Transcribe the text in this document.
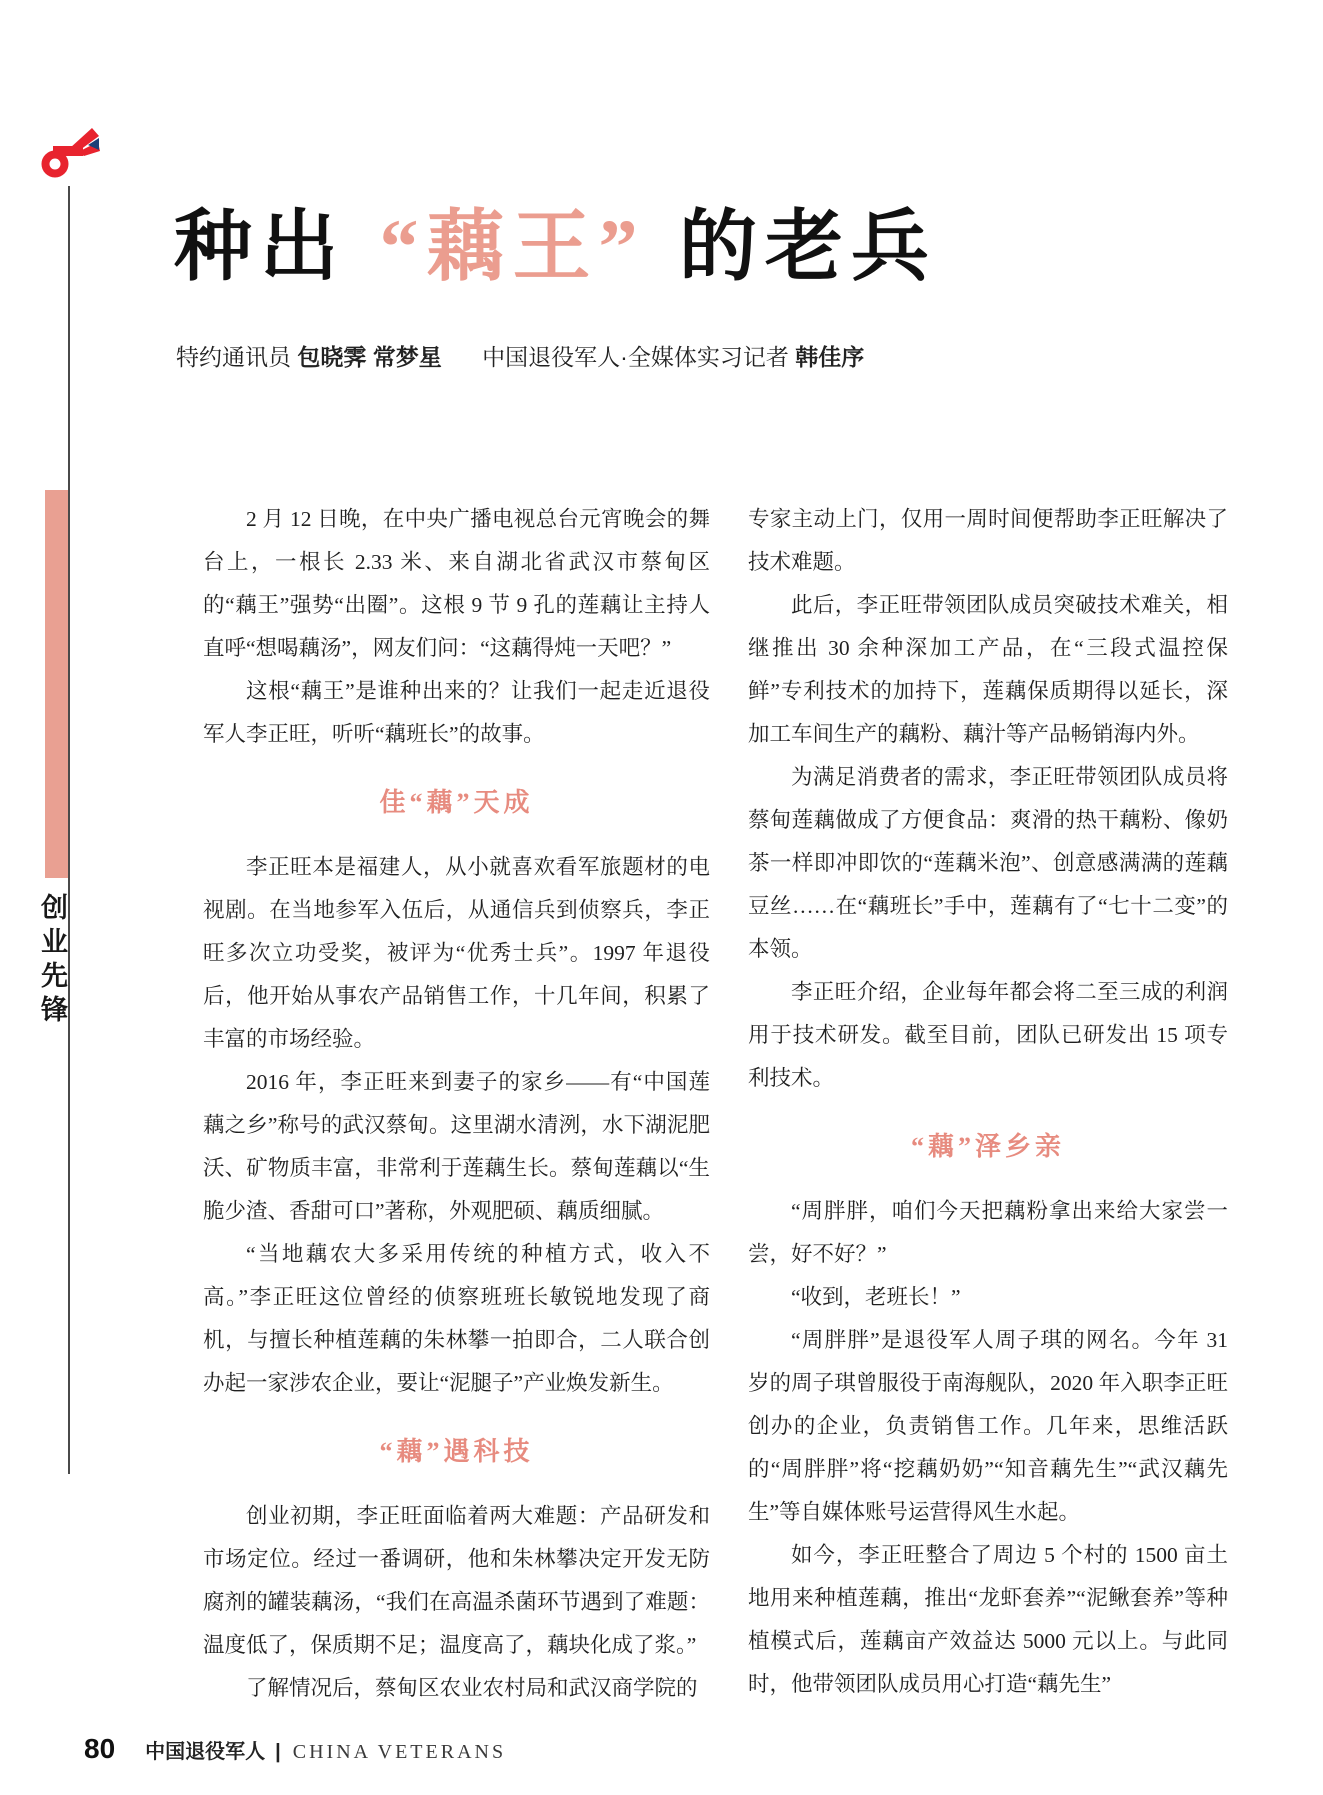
创业先锋
种出 “藕王” 的老兵
特约通讯员 包晓霁 常梦星 中国退役军人·全媒体实习记者 韩佳序

2 月 12 日晚，在中央广播电视总台元宵晚会的舞台上，一根长 2.33 米、来自湖北省武汉市蔡甸区的“藕王”强势“出圈”。这根 9 节 9 孔的莲藕让主持人直呼“想喝藕汤”，网友们问：“这藕得炖一天吧？”

这根“藕王”是谁种出来的？让我们一起走近退役军人李正旺，听听“藕班长”的故事。

佳“藕”天成

李正旺本是福建人，从小就喜欢看军旅题材的电视剧。在当地参军入伍后，从通信兵到侦察兵，李正旺多次立功受奖，被评为“优秀士兵”。1997 年退役后，他开始从事农产品销售工作，十几年间，积累了丰富的市场经验。

2016 年，李正旺来到妻子的家乡——有“中国莲藕之乡”称号的武汉蔡甸。这里湖水清洌，水下湖泥肥沃、矿物质丰富，非常利于莲藕生长。蔡甸莲藕以“生脆少渣、香甜可口”著称，外观肥硕、藕质细腻。

“当地藕农大多采用传统的种植方式，收入不高。”李正旺这位曾经的侦察班班长敏锐地发现了商机，与擅长种植莲藕的朱林攀一拍即合，二人联合创办起一家涉农企业，要让“泥腿子”产业焕发新生。

“藕”遇科技

创业初期，李正旺面临着两大难题：产品研发和市场定位。经过一番调研，他和朱林攀决定开发无防腐剂的罐装藕汤，“我们在高温杀菌环节遇到了难题：温度低了，保质期不足；温度高了，藕块化成了浆。”

了解情况后，蔡甸区农业农村局和武汉商学院的

专家主动上门，仅用一周时间便帮助李正旺解决了技术难题。

此后，李正旺带领团队成员突破技术难关，相继推出 30 余种深加工产品，在“三段式温控保鲜”专利技术的加持下，莲藕保质期得以延长，深加工车间生产的藕粉、藕汁等产品畅销海内外。

为满足消费者的需求，李正旺带领团队成员将蔡甸莲藕做成了方便食品：爽滑的热干藕粉、像奶茶一样即冲即饮的“莲藕米泡”、创意感满满的莲藕豆丝……在“藕班长”手中，莲藕有了“七十二变”的本领。

李正旺介绍，企业每年都会将二至三成的利润用于技术研发。截至目前，团队已研发出 15 项专利技术。

“藕”泽乡亲

“周胖胖，咱们今天把藕粉拿出来给大家尝一尝，好不好？”

“收到，老班长！”

“周胖胖”是退役军人周子琪的网名。今年 31 岁的周子琪曾服役于南海舰队，2020 年入职李正旺创办的企业，负责销售工作。几年来，思维活跃的“周胖胖”将“挖藕奶奶”“知音藕先生”“武汉藕先生”等自媒体账号运营得风生水起。

如今，李正旺整合了周边 5 个村的 1500 亩土地用来种植莲藕，推出“龙虾套养”“泥鳅套养”等种植模式后，莲藕亩产效益达 5000 元以上。与此同时，他带领团队成员用心打造“藕先生”

80 中国退役军人 | CHINA VETERANS
